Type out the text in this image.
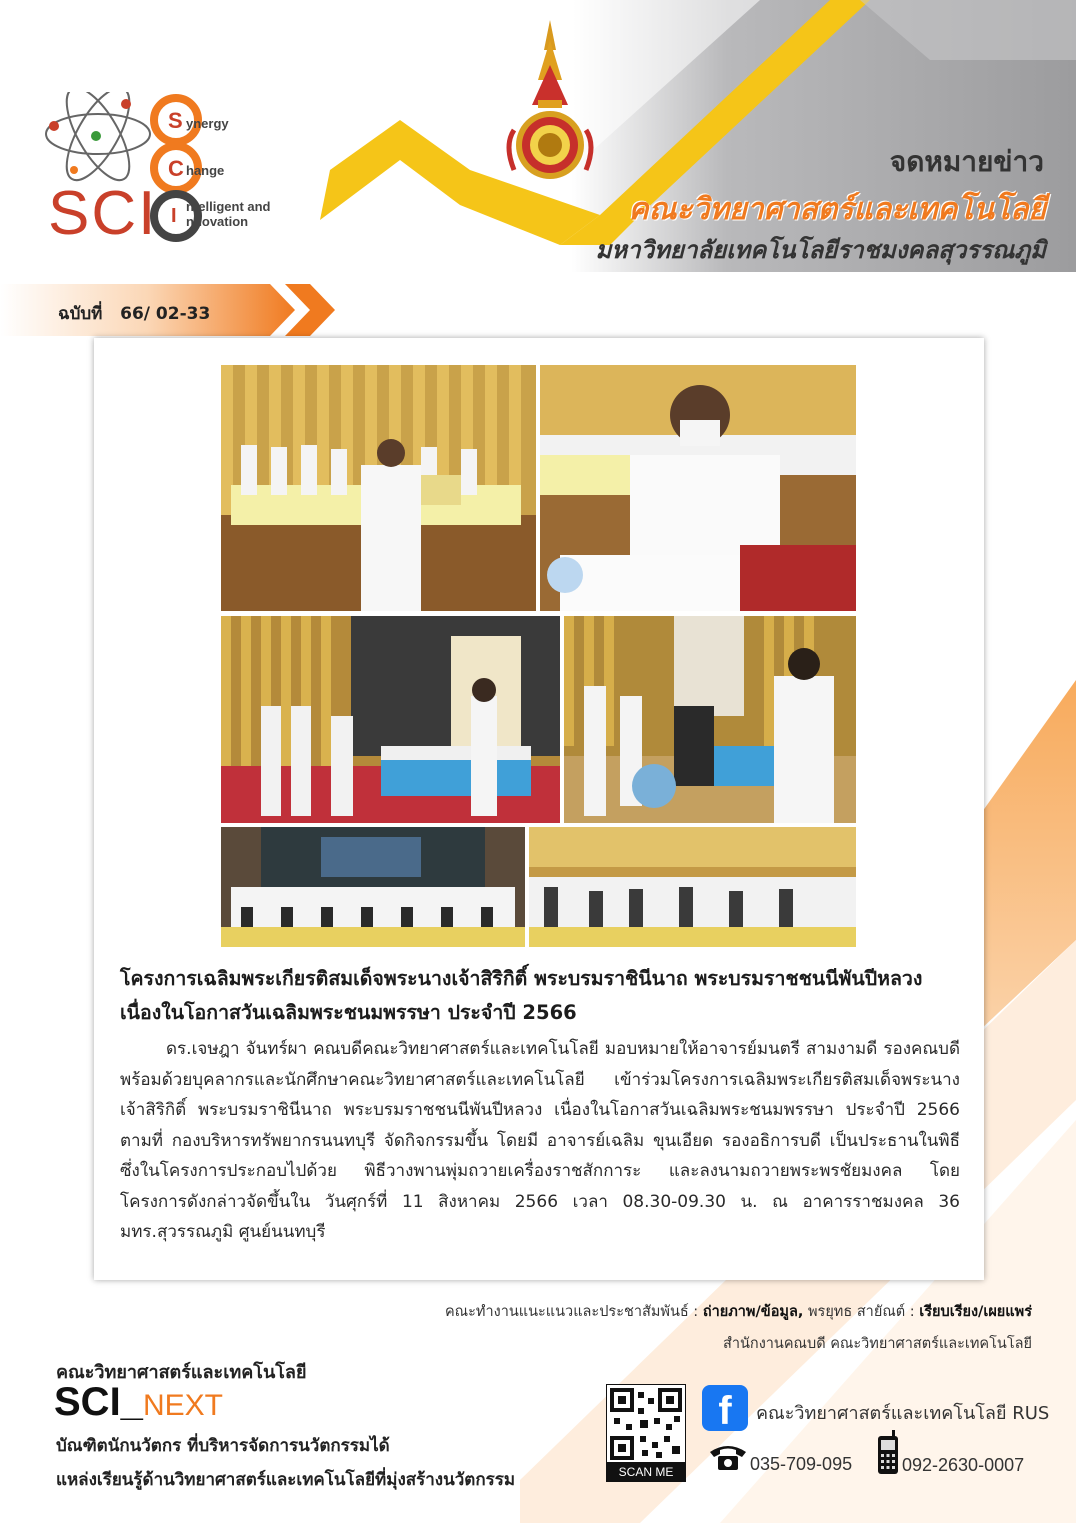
S
C
I
SCI
ynergy
hange
ntelligent and
nnovation
จดหมายข่าว
คณะวิทยาศาสตร์และเทคโนโลยี
มหาวิทยาลัยเทคโนโลยีราชมงคลสุวรรณภูมิ
ฉบับที่ 66/ 02-33
โครงการเฉลิมพระเกียรติสมเด็จพระนางเจ้าสิริกิติ์ พระบรมราชินีนาถ พระบรมราชชนนีพันปีหลวง
เนื่องในโอกาสวันเฉลิมพระชนมพรรษา ประจำปี 2566

ดร.เจษฎา จันทร์ผา คณบดีคณะวิทยาศาสตร์และเทคโนโลยี มอบหมายให้อาจารย์มนตรี สามงามดี รองคณบดี พร้อมด้วยบุคลากรและนักศึกษาคณะวิทยาศาสตร์และเทคโนโลยี เข้าร่วมโครงการเฉลิมพระเกียรติสมเด็จพระนางเจ้าสิริกิติ์ พระบรมราชินีนาถ พระบรมราชชนนีพันปีหลวง เนื่องในโอกาสวันเฉลิมพระชนมพรรษา ประจำปี 2566 ตามที่ กองบริหารทรัพยากรนนทบุรี จัดกิจกรรมขึ้น โดยมี อาจารย์เฉลิม ขุนเอียด รองอธิการบดี เป็นประธานในพิธี ซึ่งในโครงการประกอบไปด้วย พิธีวางพานพุ่มถวายเครื่องราชสักการะ และลงนามถวายพระพรชัยมงคล โดยโครงการดังกล่าวจัดขึ้นใน วันศุกร์ที่ 11 สิงหาคม 2566 เวลา 08.30-09.30 น. ณ อาคารราชมงคล 36 มทร.สุวรรณภูมิ ศูนย์นนทบุรี

คณะทำงานแนะแนวและประชาสัมพันธ์ : ถ่ายภาพ/ข้อมูล, พรยุทธ สายัณต์ : เรียบเรียง/เผยแพร่
สำนักงานคณบดี คณะวิทยาศาสตร์และเทคโนโลยี
คณะวิทยาศาสตร์และเทคโนโลยี
SCI_NEXT
บัณฑิตนักนวัตกร ที่บริหารจัดการนวัตกรรมได้
แหล่งเรียนรู้ด้านวิทยาศาสตร์และเทคโนโลยีที่มุ่งสร้างนวัตกรรม	SCAN ME
f	คณะวิทยาศาสตร์และเทคโนโลยี RUS
035-709-095	092-2630-0007
